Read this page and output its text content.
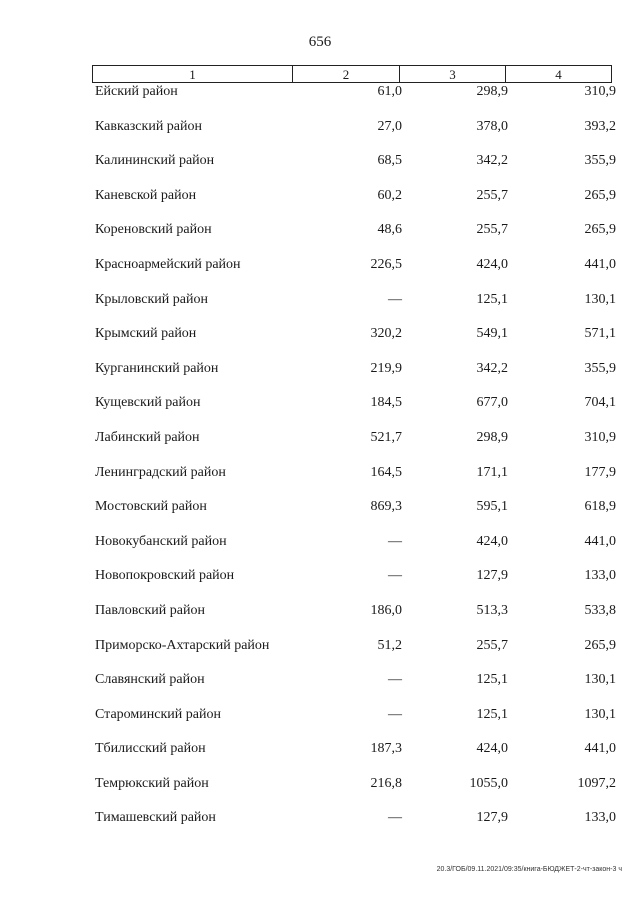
656
1	2	3	4
Ейский район	61,0	298,9	310,9
Кавказский район	27,0	378,0	393,2
Калининский район	68,5	342,2	355,9
Каневской район	60,2	255,7	265,9
Кореновский район	48,6	255,7	265,9
Красноармейский район	226,5	424,0	441,0
Крыловский район	—	125,1	130,1
Крымский район	320,2	549,1	571,1
Курганинский район	219,9	342,2	355,9
Кущевский район	184,5	677,0	704,1
Лабинский район	521,7	298,9	310,9
Ленинградский район	164,5	171,1	177,9
Мостовский район	869,3	595,1	618,9
Новокубанский район	—	424,0	441,0
Новопокровский район	—	127,9	133,0
Павловский район	186,0	513,3	533,8
Приморско-Ахтарский район	51,2	255,7	265,9
Славянский район	—	125,1	130,1
Староминский район	—	125,1	130,1
Тбилисский район	187,3	424,0	441,0
Темрюкский район	216,8	1055,0	1097,2
Тимашевский район	—	127,9	133,0
20.3/ГОБ/09.11.2021/09:35/книга-БЮДЖЕТ-2-чт-закон-3 ч
